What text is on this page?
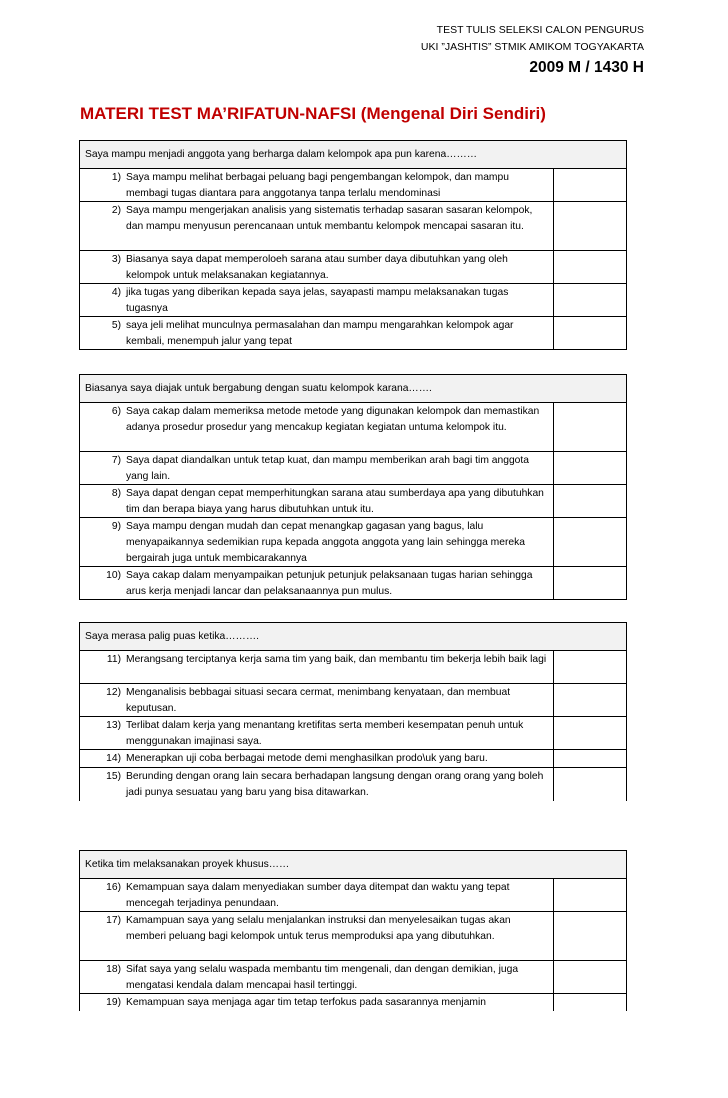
TEST TULIS SELEKSI CALON PENGURUS
UKI ”JASHTIS” STMIK AMIKOM TOGYAKARTA
2009 M / 1430 H
MATERI TEST MA’RIFATUN-NAFSI (Mengenal Diri Sendiri)
Saya mampu menjadi anggota yang berharga dalam kelompok apa pun karena………
1) Saya mampu melihat berbagai peluang bagi pengembangan kelompok, dan mampu membagi tugas diantara para anggotanya tanpa terlalu mendominasi
2) Saya mampu mengerjakan analisis yang sistematis terhadap sasaran sasaran kelompok, dan mampu menyusun perencanaan untuk membantu kelompok mencapai sasaran itu.
3) Biasanya saya dapat memperoloeh sarana atau sumber daya dibutuhkan yang oleh kelompok untuk melaksanakan kegiatannya.
4) jika tugas yang diberikan kepada saya jelas, sayapasti mampu melaksanakan tugas tugasnya
5) saya jeli melihat munculnya permasalahan dan mampu mengarahkan kelompok agar kembali, menempuh jalur yang tepat
Biasanya saya diajak untuk bergabung dengan suatu kelompok karana…….
6) Saya cakap dalam memeriksa metode metode yang digunakan kelompok dan memastikan adanya prosedur prosedur yang mencakup kegiatan kegiatan untuma kelompok itu.
7) Saya dapat diandalkan untuk tetap kuat, dan mampu memberikan arah bagi tim anggota yang lain.
8) Saya dapat dengan cepat memperhitungkan sarana atau sumberdaya apa yang dibutuhkan tim dan berapa biaya yang harus dibutuhkan untuk itu.
9) Saya mampu dengan mudah dan cepat menangkap gagasan yang bagus, lalu menyapaikannya sedemikian rupa kepada anggota anggota yang lain sehingga mereka bergairah juga untuk membicarakannya
10) Saya cakap dalam menyampaikan petunjuk petunjuk pelaksanaan tugas harian sehingga arus kerja menjadi lancar dan pelaksanaannya pun mulus.
Saya merasa palig puas ketika……….
11) Merangsang terciptanya kerja sama tim yang baik, dan membantu tim bekerja lebih baik lagi
12) Menganalisis bebbagai situasi secara cermat, menimbang kenyataan, dan membuat keputusan.
13) Terlibat dalam kerja yang menantang kretifitas serta memberi kesempatan penuh untuk menggunakan imajinasi saya.
14) Menerapkan uji coba berbagai metode demi menghasilkan prodo\uk yang baru.
15) Berunding dengan orang lain secara berhadapan langsung dengan orang orang yang boleh jadi punya sesuatau yang baru yang bisa ditawarkan.
Ketika tim melaksanakan proyek khusus……
16) Kemampuan saya dalam menyediakan sumber daya ditempat dan waktu yang tepat mencegah terjadinya penundaan.
17) Kamampuan saya yang selalu menjalankan instruksi dan menyelesaikan tugas akan memberi peluang bagi kelompok untuk terus memproduksi apa yang dibutuhkan.
18) Sifat saya yang selalu waspada membantu tim mengenali, dan dengan demikian, juga mengatasi kendala dalam mencapai hasil tertinggi.
19) Kemampuan saya menjaga agar tim tetap terfokus pada sasarannya menjamin
